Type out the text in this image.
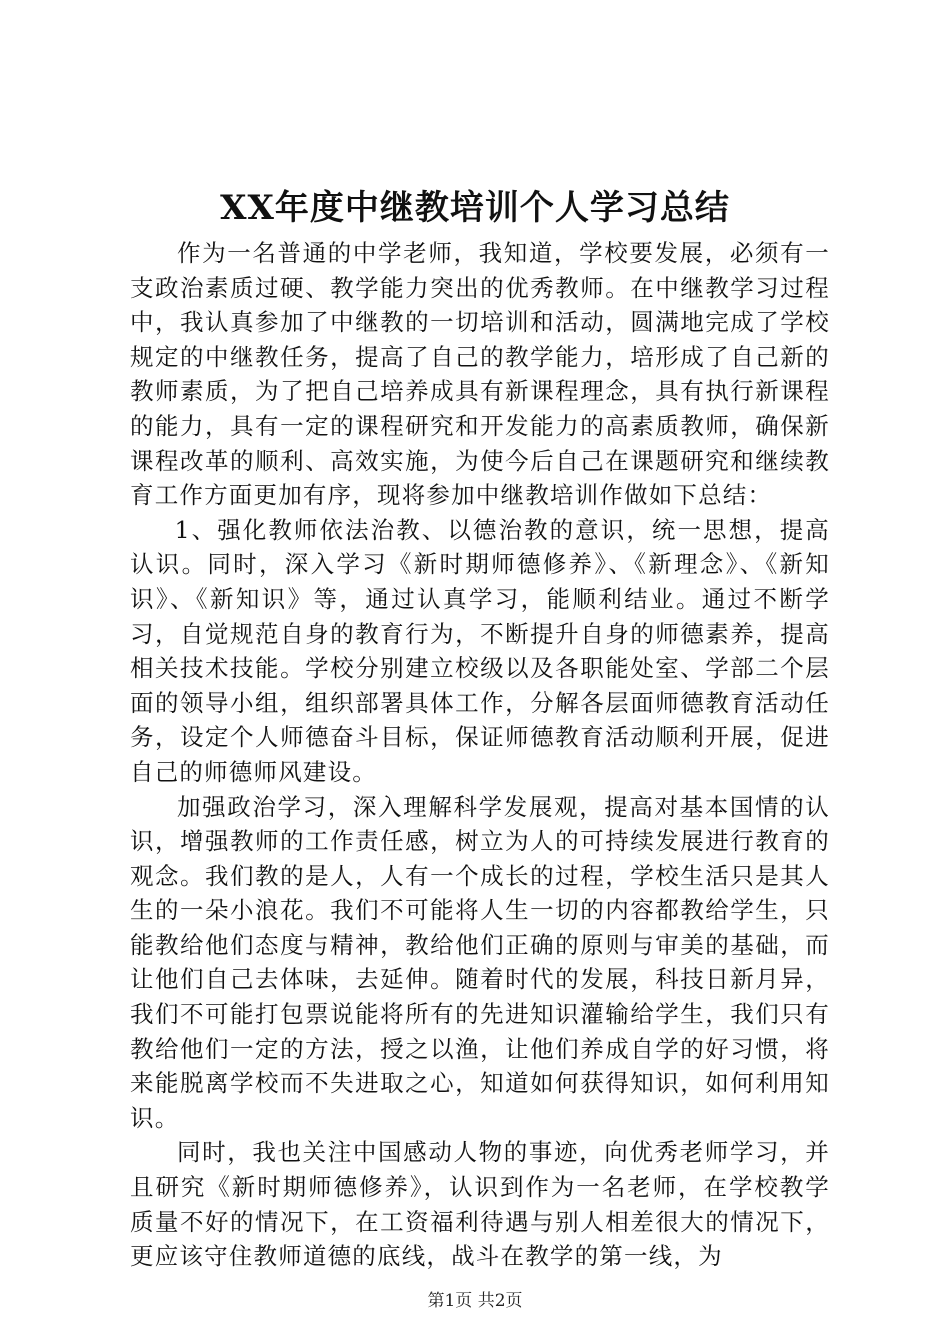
XX年度中继教培训个人学习总结

作为一名普通的中学老师，我知道，学校要发展，必须有一支政治素质过硬、教学能力突出的优秀教师。在中继教学习过程中，我认真参加了中继教的一切培训和活动，圆满地完成了学校规定的中继教任务，提高了自己的教学能力，培形成了自己新的教师素质，为了把自己培养成具有新课程理念，具有执行新课程的能力，具有一定的课程研究和开发能力的高素质教师，确保新课程改革的顺利、高效实施，为使今后自己在课题研究和继续教育工作方面更加有序，现将参加中继教培训作做如下总结：

1、强化教师依法治教、以德治教的意识，统一思想，提高认识。同时，深入学习《新时期师德修养》、《新理念》、《新知识》、《新知识》等，通过认真学习，能顺利结业。通过不断学习，自觉规范自身的教育行为，不断提升自身的师德素养，提高相关技术技能。学校分别建立校级以及各职能处室、学部二个层面的领导小组，组织部署具体工作，分解各层面师德教育活动任务，设定个人师德奋斗目标，保证师德教育活动顺利开展，促进自己的师德师风建设。

加强政治学习，深入理解科学发展观，提高对基本国情的认识，增强教师的工作责任感，树立为人的可持续发展进行教育的观念。我们教的是人，人有一个成长的过程，学校生活只是其人生的一朵小浪花。我们不可能将人生一切的内容都教给学生，只能教给他们态度与精神，教给他们正确的原则与审美的基础，而让他们自己去体味，去延伸。随着时代的发展，科技日新月异，我们不可能打包票说能将所有的先进知识灌输给学生，我们只有教给他们一定的方法，授之以渔，让他们养成自学的好习惯，将来能脱离学校而不失进取之心，知道如何获得知识，如何利用知识。

同时，我也关注中国感动人物的事迹，向优秀老师学习，并且研究《新时期师德修养》，认识到作为一名老师，在学校教学质量不好的情况下，在工资福利待遇与别人相差很大的情况下，更应该守住教师道德的底线，战斗在教学的第一线，为

第1页 共2页
